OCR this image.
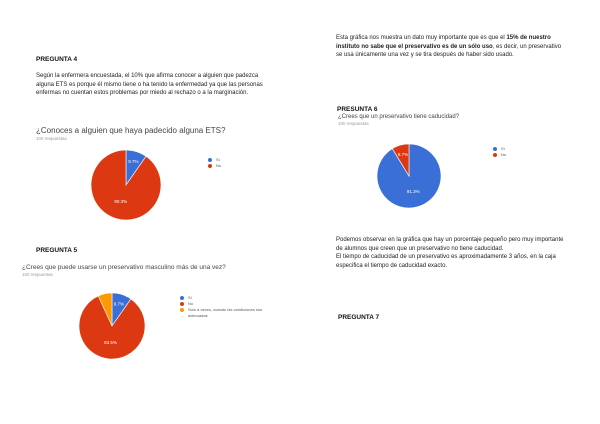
PREGUNTA 4
Según la enfermera encuestada, el 10% que afirma conocer a alguien que padezca alguna ETS es porque él mismo tiene o ha tenido la enfermedad ya que las personas enfermas no cuentan estos problemas por miedo al rechazo o a la marginación.
¿Conoces a alguien que haya padecido alguna ETS?
100 respuestas
9.7%
90.3%
Sí
No
PREGUNTA 5
¿Crees que puede usarse un preservativo masculino más de una vez?
100 respuestas
9.7%
83.5%
Sí
No
Solo a veces, cuando las condiciones son adecuadas
Esta gráfica nos muestra un dato muy importante que es que el 15% de nuestro instituto no sabe que el preservativo es de un sólo uso, es decir, un preservativo se usa únicamente una vez y se tira después de haber sido usado.
PRESUNTA 6
¿Crees que un preservativo tiene caducidad?
100 respuestas
91.3%
8.7%
Sí
No
Podemos observar en la gráfica que hay un porcentaje pequeño pero muy importante de alumnos que creen que un preservativo no tiene caducidad.
El tiempo de caducidad de un preservativo es aproximadamente 3 años, en la caja especifica el tiempo de caducidad exacto.
PREGUNTA 7
